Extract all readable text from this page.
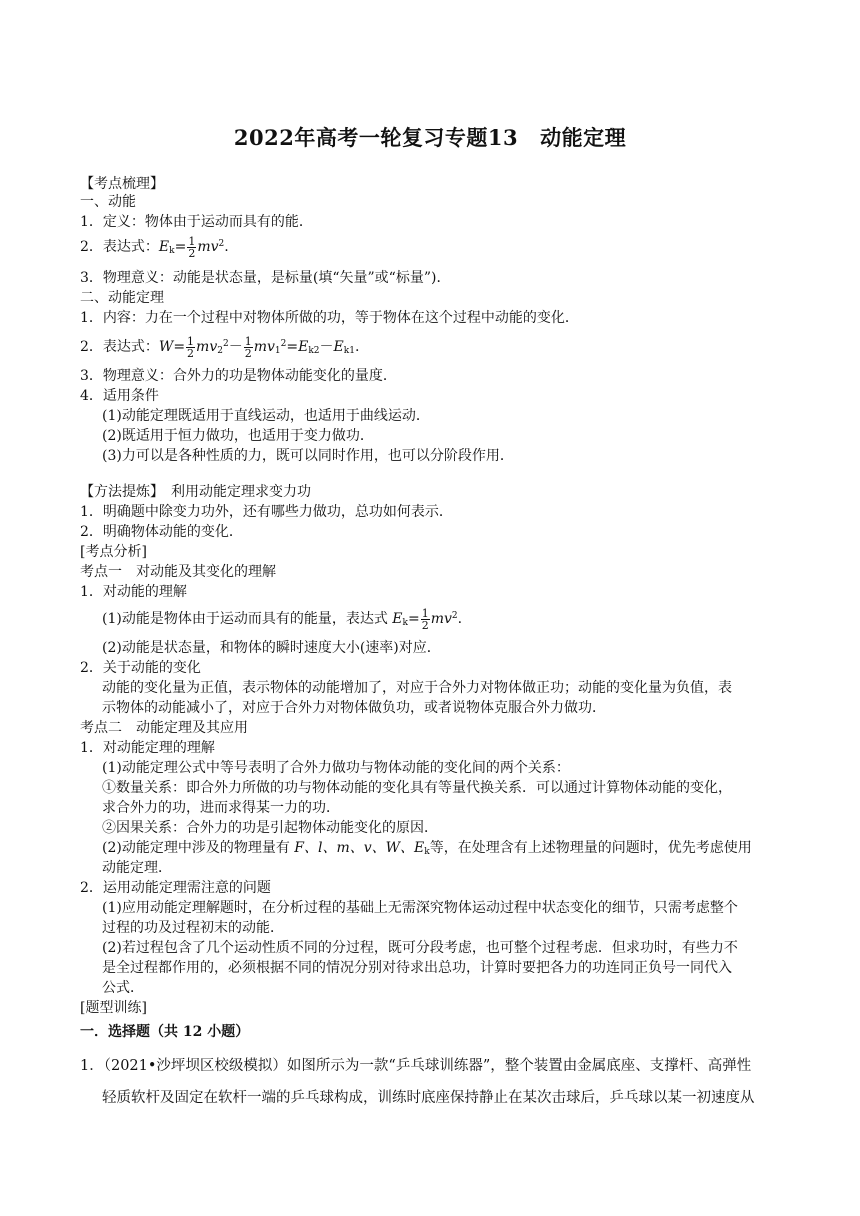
2022年高考一轮复习专题13 动能定理
【考点梳理】
一、动能
1．定义：物体由于运动而具有的能．
2．表达式：$E_k= \frac{1}{2} mv^2$.
3．物理意义：动能是状态量，是标量(填“矢量”或“标量”)．
二、动能定理
1．内容：力在一个过程中对物体所做的功，等于物体在这个过程中动能的变化．
2．表达式：$W= \frac{1}{2} mv_2^2- \frac{1}{2} mv_1^2=E_{k2}-E_{k1}$.
3．物理意义：合外力的功是物体动能变化的量度．
4．适用条件
(1)动能定理既适用于直线运动，也适用于曲线运动．
(2)既适用于恒力做功，也适用于变力做功．
(3)力可以是各种性质的力，既可以同时作用，也可以分阶段作用．
【方法提炼】　利用动能定理求变力功
1．明确题中除变力功外，还有哪些力做功，总功如何表示．
2．明确物体动能的变化．
[考点分析]
考点一　对动能及其变化的理解
1．对动能的理解
(1)动能是物体由于运动而具有的能量，表达式 $E_k= \frac{1}{2} mv^2$.
(2)动能是状态量，和物体的瞬时速度大小(速率)对应．
2．关于动能的变化
动能的变化量为正值，表示物体的动能增加了，对应于合外力对物体做正功；动能的变化量为负值，表
示物体的动能减小了，对应于合外力对物体做负功，或者说物体克服合外力做功．
考点二　动能定理及其应用
1．对动能定理的理解
(1)动能定理公式中等号表明了合外力做功与物体动能的变化间的两个关系：
①数量关系：即合外力所做的功与物体动能的变化具有等量代换关系．可以通过计算物体动能的变化，
求合外力的功，进而求得某一力的功．
②因果关系：合外力的功是引起物体动能变化的原因．
(2)动能定理中涉及的物理量有 F、l、m、v、W、$E_k$等，在处理含有上述物理量的问题时，优先考虑使用
动能定理．
2．运用动能定理需注意的问题
(1)应用动能定理解题时，在分析过程的基础上无需深究物体运动过程中状态变化的细节，只需考虑整个
过程的功及过程初末的动能．
(2)若过程包含了几个运动性质不同的分过程，既可分段考虑，也可整个过程考虑．但求功时，有些力不
是全过程都作用的，必须根据不同的情况分别对待求出总功，计算时要把各力的功连同正负号一同代入
公式．
[题型训练]
一．选择题（共 12 小题）
1．（2021•沙坪坝区校级模拟）如图所示为一款“乒乓球训练器”，整个装置由金属底座、支撑杆、高弹性
轻质软杆及固定在软杆一端的乒乓球构成，训练时底座保持静止在某次击球后，乒乓球以某一初速度从
